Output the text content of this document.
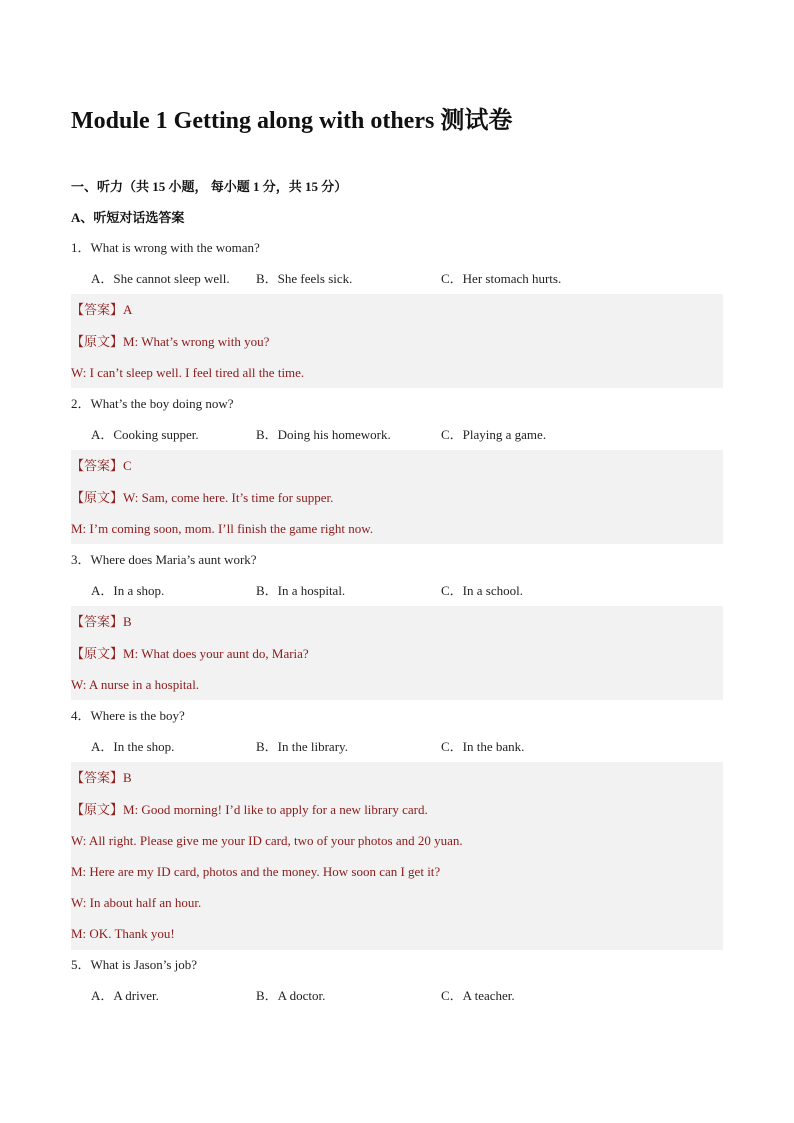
Module 1 Getting along with others 测试卷
一、听力（共 15 小题， 每小题 1 分，共 15 分）
A、听短对话选答案
1．What is wrong with the woman?
A．She cannot sleep well. B．She feels sick.	C．Her stomach hurts.
【答案】A
【原文】M: What’s wrong with you?
W: I can’t sleep well. I feel tired all the time.
2．What’s the boy doing now?
A．Cooking supper.	B．Doing his homework.	C．Playing a game.
【答案】C
【原文】W: Sam, come here. It’s time for supper.
M: I’m coming soon, mom. I’ll finish the game right now.
3．Where does Maria’s aunt work?
A．In a shop.	B．In a hospital.	C．In a school.
【答案】B
【原文】M: What does your aunt do, Maria?
W: A nurse in a hospital.
4．Where is the boy?
A．In the shop.	B．In the library.	C．In the bank.
【答案】B
【原文】M: Good morning! I’d like to apply for a new library card.
W: All right. Please give me your ID card, two of your photos and 20 yuan.
M: Here are my ID card, photos and the money. How soon can I get it?
W: In about half an hour.
M: OK. Thank you!
5．What is Jason’s job?
A．A driver.	B．A doctor.	C．A teacher.
